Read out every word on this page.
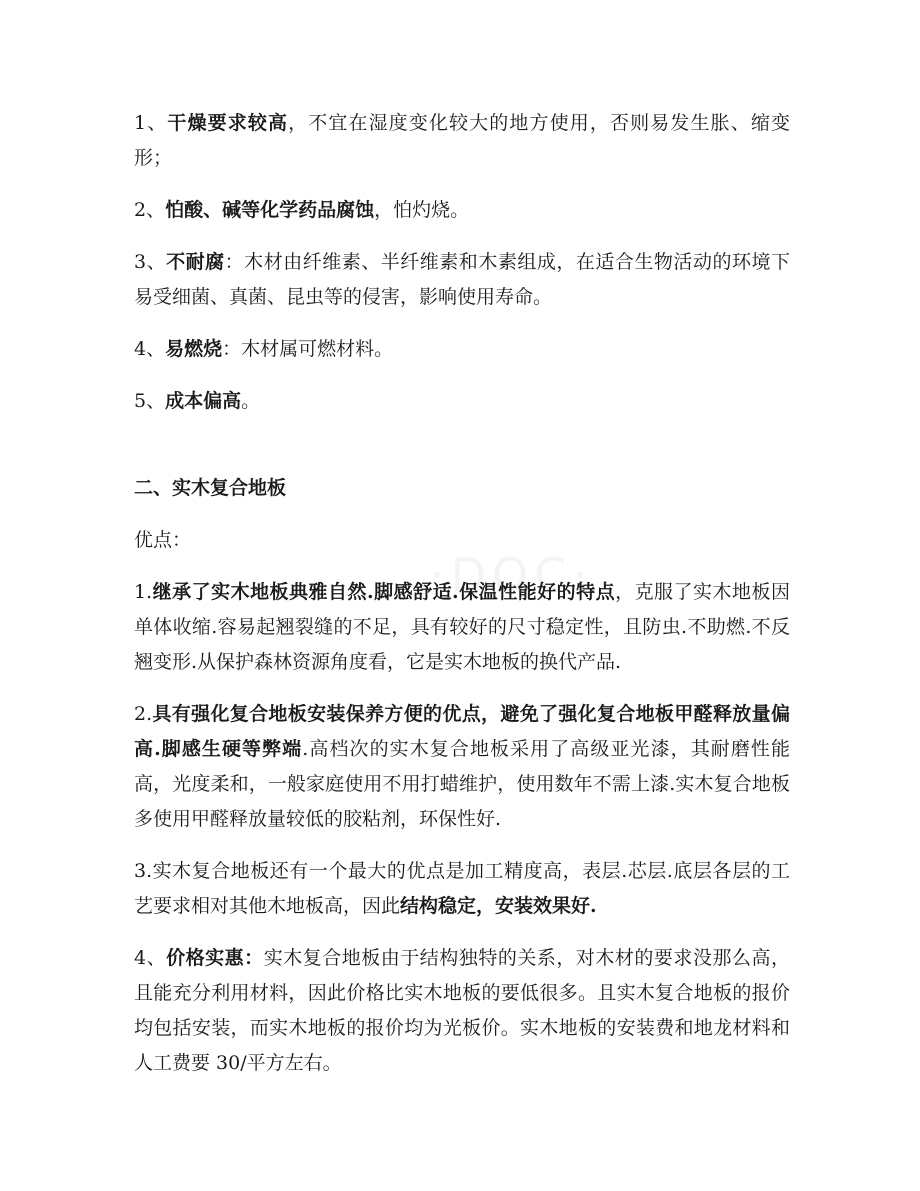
1、干燥要求较高，不宜在湿度变化较大的地方使用，否则易发生胀、缩变形；

2、怕酸、碱等化学药品腐蚀，怕灼烧。

3、不耐腐：木材由纤维素、半纤维素和木素组成，在适合生物活动的环境下易受细菌、真菌、昆虫等的侵害，影响使用寿命。

4、易燃烧：木材属可燃材料。

5、成本偏高。

二、实木复合地板

优点：

1.继承了实木地板典雅自然.脚感舒适.保温性能好的特点，克服了实木地板因单体收缩.容易起翘裂缝的不足，具有较好的尺寸稳定性，且防虫.不助燃.不反翘变形.从保护森林资源角度看，它是实木地板的换代产品.

2.具有强化复合地板安装保养方便的优点，避免了强化复合地板甲醛释放量偏高.脚感生硬等弊端.高档次的实木复合地板采用了高级亚光漆，其耐磨性能高，光度柔和，一般家庭使用不用打蜡维护，使用数年不需上漆.实木复合地板多使用甲醛释放量较低的胶粘剂，环保性好.

3.实木复合地板还有一个最大的优点是加工精度高，表层.芯层.底层各层的工艺要求相对其他木地板高，因此结构稳定，安装效果好.

4、价格实惠：实木复合地板由于结构独特的关系，对木材的要求没那么高，且能充分利用材料，因此价格比实木地板的要低很多。且实木复合地板的报价均包括安装，而实木地板的报价均为光板价。实木地板的安装费和地龙材料和人工费要 30/平方左右。
